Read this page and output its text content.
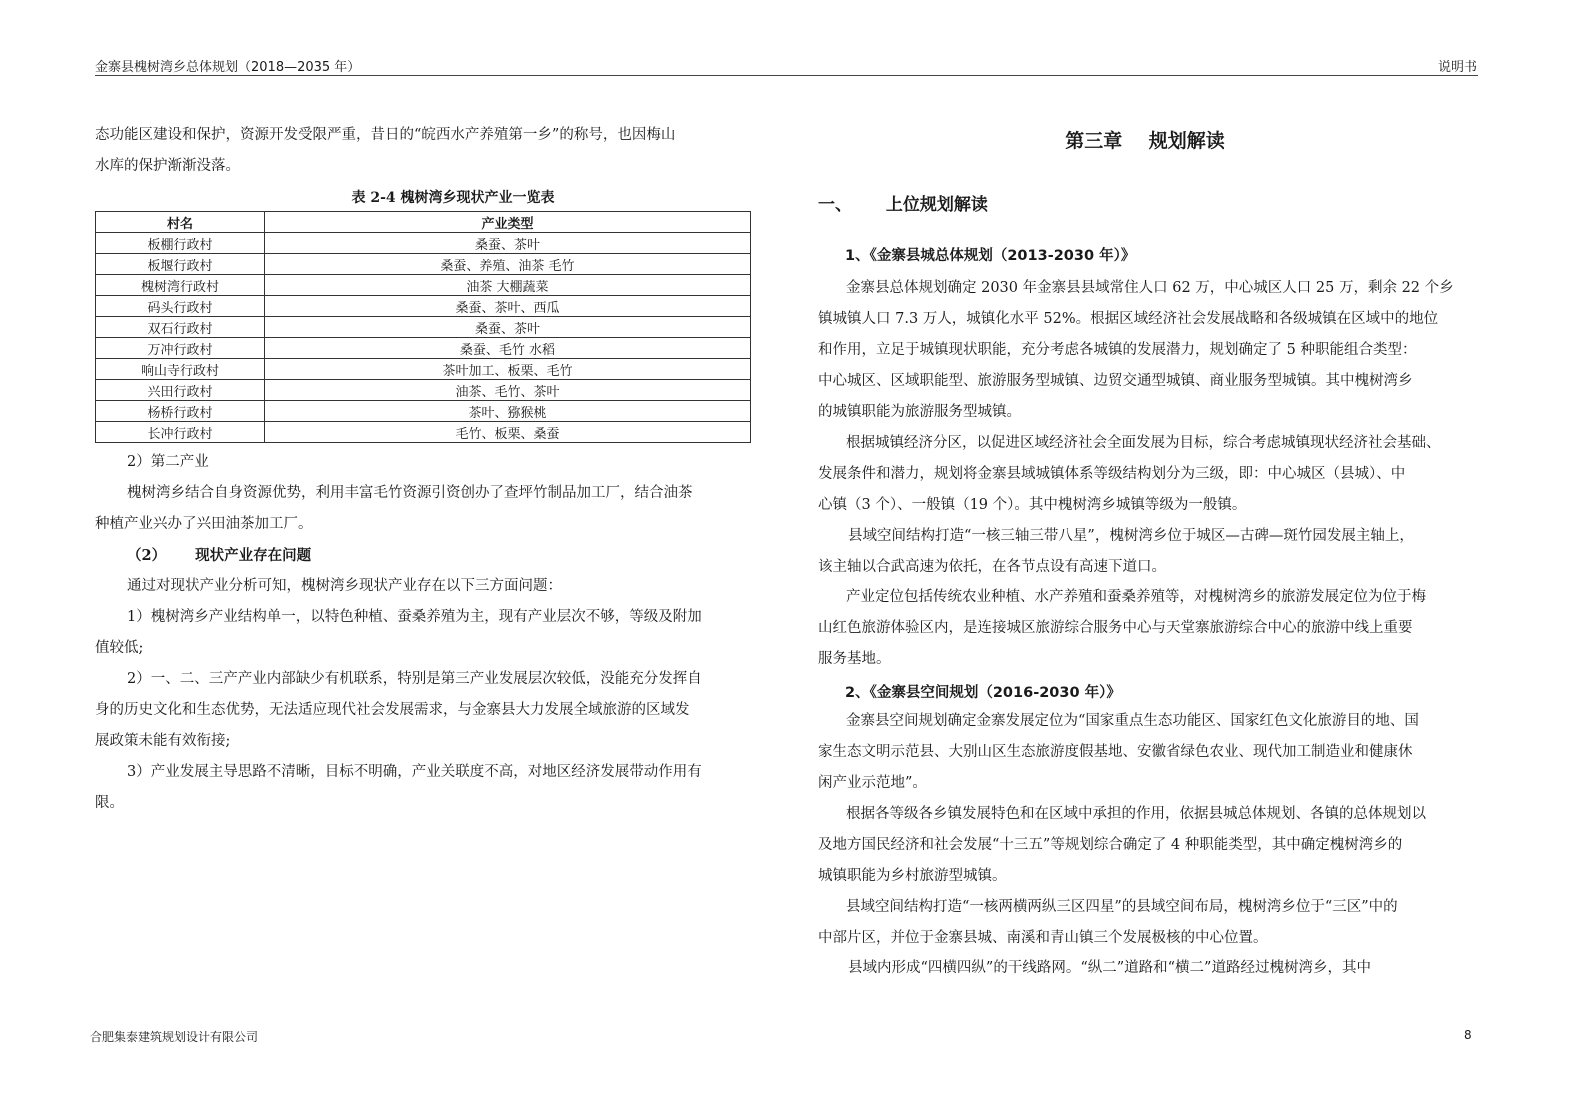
金寨县槐树湾乡总体规划（2018—2035 年）	说明书
态功能区建设和保护，资源开发受限严重，昔日的“皖西水产养殖第一乡”的称号，也因梅山
水库的保护渐渐没落。
表 2-4 槐树湾乡现状产业一览表
村名	产业类型
板棚行政村	桑蚕、茶叶
板堰行政村	桑蚕、养殖、油茶 毛竹
槐树湾行政村	油茶 大棚蔬菜
码头行政村	桑蚕、茶叶、西瓜
双石行政村	桑蚕、茶叶
万冲行政村	桑蚕、毛竹 水稻
响山寺行政村	茶叶加工、板栗、毛竹
兴田行政村	油茶、毛竹、茶叶
杨桥行政村	茶叶、猕猴桃
长冲行政村	毛竹、板栗、桑蚕
2）第二产业
槐树湾乡结合自身资源优势，利用丰富毛竹资源引资创办了查坪竹制品加工厂，结合油茶
种植产业兴办了兴田油茶加工厂。
（2） 现状产业存在问题
通过对现状产业分析可知，槐树湾乡现状产业存在以下三方面问题：
1）槐树湾乡产业结构单一，以特色种植、蚕桑养殖为主，现有产业层次不够，等级及附加
值较低;
2）一、二、三产产业内部缺少有机联系，特别是第三产业发展层次较低，没能充分发挥自
身的历史文化和生态优势，无法适应现代社会发展需求，与金寨县大力发展全域旅游的区域发
展政策未能有效衔接;
3）产业发展主导思路不清晰，目标不明确，产业关联度不高，对地区经济发展带动作用有
限。
第三章    规划解读
一、 上位规划解读
1、《金寨县城总体规划（2013-2030 年）》
金寨县总体规划确定 2030 年金寨县县域常住人口 62 万，中心城区人口 25 万，剩余 22 个乡
镇城镇人口 7.3 万人，城镇化水平 52%。根据区域经济社会发展战略和各级城镇在区域中的地位
和作用，立足于城镇现状职能，充分考虑各城镇的发展潜力，规划确定了 5 种职能组合类型：
中心城区、区域职能型、旅游服务型城镇、边贸交通型城镇、商业服务型城镇。其中槐树湾乡
的城镇职能为旅游服务型城镇。
根据城镇经济分区，以促进区域经济社会全面发展为目标，综合考虑城镇现状经济社会基础、
发展条件和潜力，规划将金寨县域城镇体系等级结构划分为三级，即：中心城区（县城）、中
心镇（3 个）、一般镇（19 个）。其中槐树湾乡城镇等级为一般镇。
县域空间结构打造“一核三轴三带八星”，槐树湾乡位于城区—古碑—斑竹园发展主轴上，
该主轴以合武高速为依托，在各节点设有高速下道口。
产业定位包括传统农业种植、水产养殖和蚕桑养殖等，对槐树湾乡的旅游发展定位为位于梅
山红色旅游体验区内，是连接城区旅游综合服务中心与天堂寨旅游综合中心的旅游中线上重要
服务基地。
2、《金寨县空间规划（2016-2030 年）》
金寨县空间规划确定金寨发展定位为“国家重点生态功能区、国家红色文化旅游目的地、国
家生态文明示范县、大别山区生态旅游度假基地、安徽省绿色农业、现代加工制造业和健康休
闲产业示范地”。
根据各等级各乡镇发展特色和在区域中承担的作用，依据县城总体规划、各镇的总体规划以
及地方国民经济和社会发展“十三五”等规划综合确定了 4 种职能类型，其中确定槐树湾乡的
城镇职能为乡村旅游型城镇。
县域空间结构打造“一核两横两纵三区四星”的县域空间布局，槐树湾乡位于“三区”中的
中部片区，并位于金寨县城、南溪和青山镇三个发展极核的中心位置。
县域内形成“四横四纵”的干线路网。“纵二”道路和“横二”道路经过槐树湾乡，其中
合肥集泰建筑规划设计有限公司	8
